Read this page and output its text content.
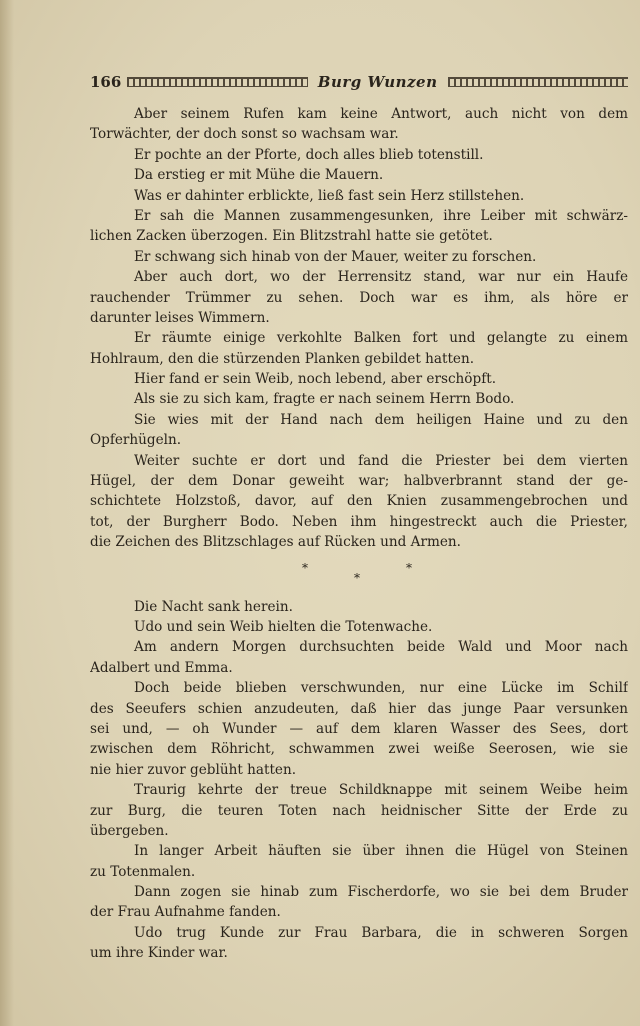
166	Burg Wunzen
Aber seinem Rufen kam keine Antwort, auch nicht von dem
Torwächter, der doch sonst so wachsam war.
Er pochte an der Pforte, doch alles blieb totenstill.
Da erstieg er mit Mühe die Mauern.
Was er dahinter erblickte, ließ fast sein Herz stillstehen.
Er sah die Mannen zusammengesunken, ihre Leiber mit schwärz-
lichen Zacken überzogen. Ein Blitzstrahl hatte sie getötet.
Er schwang sich hinab von der Mauer, weiter zu forschen.
Aber auch dort, wo der Herrensitz stand, war nur ein Haufe
rauchender Trümmer zu sehen. Doch war es ihm, als höre er
darunter leises Wimmern.
Er räumte einige verkohlte Balken fort und gelangte zu einem
Hohlraum, den die stürzenden Planken gebildet hatten.
Hier fand er sein Weib, noch lebend, aber erschöpft.
Als sie zu sich kam, fragte er nach seinem Herrn Bodo.
Sie wies mit der Hand nach dem heiligen Haine und zu den
Opferhügeln.
Weiter suchte er dort und fand die Priester bei dem vierten
Hügel, der dem Donar geweiht war; halbverbrannt stand der ge-
schichtete Holzstoß, davor, auf den Knien zusammengebrochen und
tot, der Burgherr Bodo. Neben ihm hingestreckt auch die Priester,
die Zeichen des Blitzschlages auf Rücken und Armen.
*
*
*
Die Nacht sank herein.
Udo und sein Weib hielten die Totenwache.
Am andern Morgen durchsuchten beide Wald und Moor nach
Adalbert und Emma.
Doch beide blieben verschwunden, nur eine Lücke im Schilf
des Seeufers schien anzudeuten, daß hier das junge Paar versunken
sei und, — oh Wunder — auf dem klaren Wasser des Sees, dort
zwischen dem Röhricht, schwammen zwei weiße Seerosen, wie sie
nie hier zuvor geblüht hatten.
Traurig kehrte der treue Schildknappe mit seinem Weibe heim
zur Burg, die teuren Toten nach heidnischer Sitte der Erde zu
übergeben.
In langer Arbeit häuften sie über ihnen die Hügel von Steinen
zu Totenmalen.
Dann zogen sie hinab zum Fischerdorfe, wo sie bei dem Bruder
der Frau Aufnahme fanden.
Udo trug Kunde zur Frau Barbara, die in schweren Sorgen
um ihre Kinder war.
